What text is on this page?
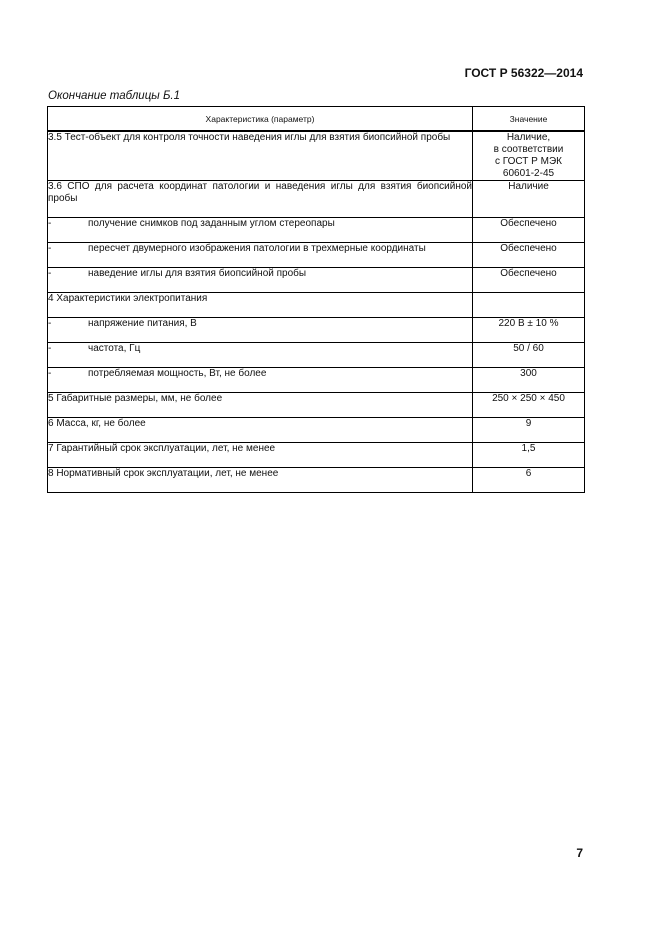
ГОСТ Р 56322—2014
Окончание таблицы Б.1
Характеристика (параметр)	Значение
3.5 Тест-объект для контроля точности наведения иглы для взятия биопсийной пробы	Наличие,
в соответствии
с ГОСТ Р МЭК
60601-2-45

3.6 СПО для расчета координат патологии и наведения иглы для взятия биопсийной пробы	Наличие

- получение снимков под заданным углом стереопары	Обеспечено

- пересчет двумерного изображения патологии в трехмерные координаты	Обеспечено

- наведение иглы для взятия биопсийной пробы	Обеспечено

4 Характеристики электропитания	

- напряжение питания, В	220 В ± 10 %

- частота, Гц	50 / 60

- потребляемая мощность, Вт, не более	300

5 Габаритные размеры, мм, не более	250 × 250 × 450

6 Масса, кг, не более	9

7 Гарантийный срок эксплуатации, лет, не менее	1,5

8 Нормативный срок эксплуатации, лет, не менее	6
7
